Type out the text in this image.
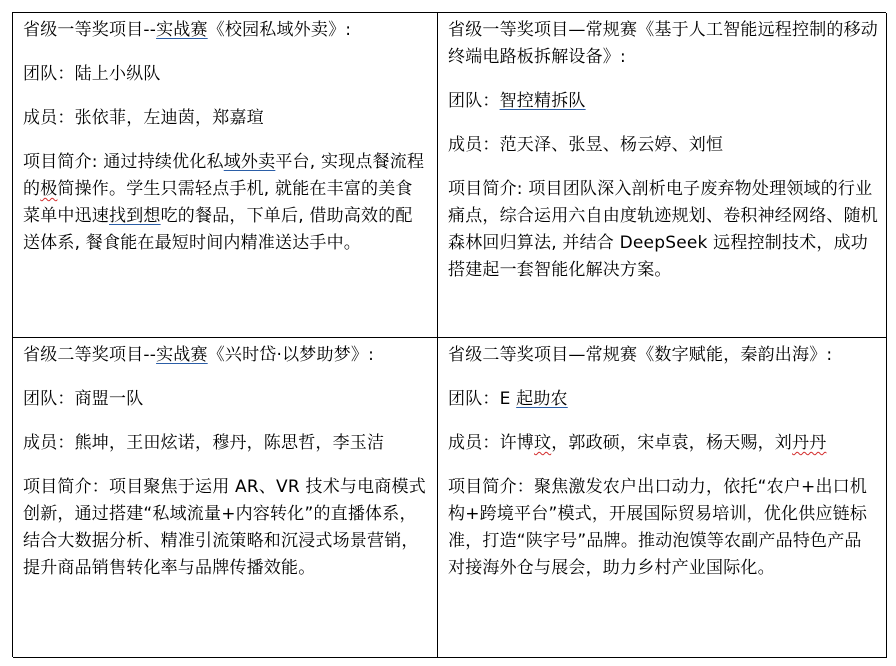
省级一等奖项目--实战赛《校园私域外卖》:

团队：陆上小纵队

成员：张依菲，左迪茵，郑嘉瑄

项目简介: 通过持续优化私域外卖平台, 实现点餐流程的极简操作。学生只需轻点手机, 就能在丰富的美食菜单中迅速找到想吃的餐品，下单后, 借助高效的配送体系, 餐食能在最短时间内精准送达手中。

省级一等奖项目—常规赛《基于人工智能远程控制的移动终端电路板拆解设备》:

团队：智控精拆队

成员：范天泽、张昱、杨云婷、刘恒

项目简介: 项目团队深入剖析电子废弃物处理领域的行业痛点，综合运用六自由度轨迹规划、卷积神经网络、随机森林回归算法, 并结合 DeepSeek 远程控制技术，成功搭建起一套智能化解决方案。

省级二等奖项目--实战赛《兴时岱·以梦助梦》:

团队：商盟一队

成员：熊坤，王田炫诺，穆丹，陈思哲，李玉洁

项目简介：项目聚焦于运用 AR、VR 技术与电商模式创新，通过搭建“私域流量+内容转化”的直播体系，结合大数据分析、精准引流策略和沉浸式场景营销，提升商品销售转化率与品牌传播效能。

省级二等奖项目—常规赛《数字赋能，秦韵出海》:

团队：E 起助农

成员：许博玟，郭政硕，宋卓袁，杨天赐，刘丹丹

项目简介：聚焦激发农户出口动力，依托“农户+出口机构+跨境平台”模式，开展国际贸易培训，优化供应链标准，打造“陕字号”品牌。推动泡馍等农副产品特色产品对接海外仓与展会，助力乡村产业国际化。
